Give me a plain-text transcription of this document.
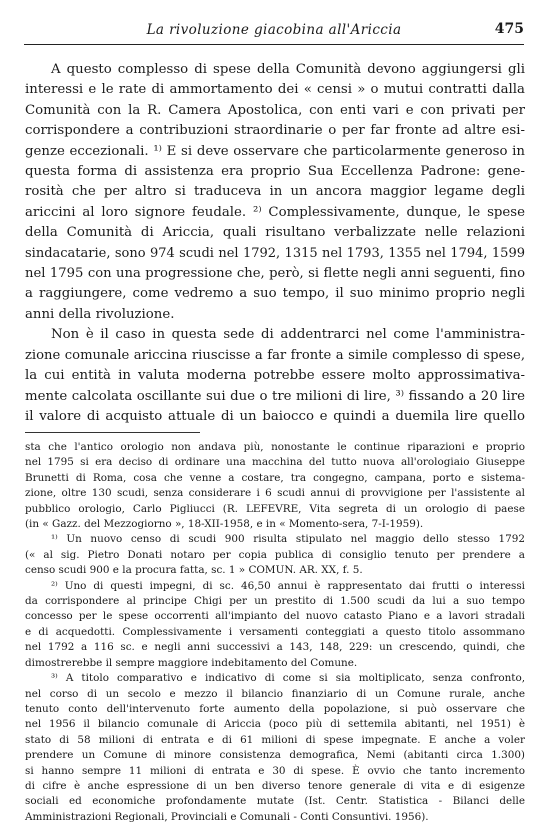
La rivoluzione giacobina all'Ariccia	475
A questo complesso di spese della Comunità devono aggiungersi gli
interessi e le rate di ammortamento dei « censi » o mutui contratti dalla
Comunità con la R. Camera Apostolica, con enti vari e con privati per
corrispondere a contribuzioni straordinarie o per far fronte ad altre esi-
genze eccezionali. ¹⁾ E si deve osservare che particolarmente generoso in
questa forma di assistenza era proprio Sua Eccellenza Padrone: gene-
rosità che per altro si traduceva in un ancora maggior legame degli
ariccini al loro signore feudale. ²⁾ Complessivamente, dunque, le spese
della Comunità di Ariccia, quali risultano verbalizzate nelle relazioni
sindacatarie, sono 974 scudi nel 1792, 1315 nel 1793, 1355 nel 1794, 1599
nel 1795 con una progressione che, però, si flette negli anni seguenti, fino
a raggiungere, come vedremo a suo tempo, il suo minimo proprio negli
anni della rivoluzione.
Non è il caso in questa sede di addentrarci nel come l'amministra-
zione comunale ariccina riuscisse a far fronte a simile complesso di spese,
la cui entità in valuta moderna potrebbe essere molto approssimativa-
mente calcolata oscillante sui due o tre milioni di lire, ³⁾ fissando a 20 lire
il valore di acquisto attuale di un baiocco e quindi a duemila lire quello
sta che l'antico orologio non andava più, nonostante le continue riparazioni e proprio
nel 1795 si era deciso di ordinare una macchina del tutto nuova all'orologiaio Giuseppe
Brunetti di Roma, cosa che venne a costare, tra congegno, campana, porto e sistema-
zione, oltre 130 scudi, senza considerare i 6 scudi annui di provvigione per l'assistente al
pubblico orologio, Carlo Pigliucci (R. LEFEVRE, Vita segreta di un orologio di paese
(in « Gazz. del Mezzogiorno », 18-XII-1958, e in « Momento-sera, 7-I-1959).
¹⁾ Un nuovo censo di scudi 900 risulta stipulato nel maggio dello stesso 1792
(« al sig. Pietro Donati notaro per copia publica di consiglio tenuto per prendere a
censo scudi 900 e la procura fatta, sc. 1 » COMUN. AR. XX, f. 5.
²⁾ Uno di questi impegni, di sc. 46,50 annui è rappresentato dai frutti o interessi
da corrispondere al principe Chigi per un prestito di 1.500 scudi da lui a suo tempo
concesso per le spese occorrenti all'impianto del nuovo catasto Piano e a lavori stradali
e di acquedotti. Complessivamente i versamenti conteggiati a questo titolo assommano
nel 1792 a 116 sc. e negli anni successivi a 143, 148, 229: un crescendo, quindi, che
dimostrerebbe il sempre maggiore indebitamento del Comune.
³⁾ A titolo comparativo e indicativo di come si sia moltiplicato, senza confronto,
nel corso di un secolo e mezzo il bilancio finanziario di un Comune rurale, anche
tenuto conto dell'intervenuto forte aumento della popolazione, si può osservare che
nel 1956 il bilancio comunale di Ariccia (poco più di settemila abitanti, nel 1951) è
stato di 58 milioni di entrata e di 61 milioni di spese impegnate. E anche a voler
prendere un Comune di minore consistenza demografica, Nemi (abitanti circa 1.300)
si hanno sempre 11 milioni di entrata e 30 di spese. È ovvio che tanto incremento
di cifre è anche espressione di un ben diverso tenore generale di vita e di esigenze
sociali ed economiche profondamente mutate (Ist. Centr. Statistica - Bilanci delle
Amministrazioni Regionali, Provinciali e Comunali - Conti Consuntivi. 1956).
